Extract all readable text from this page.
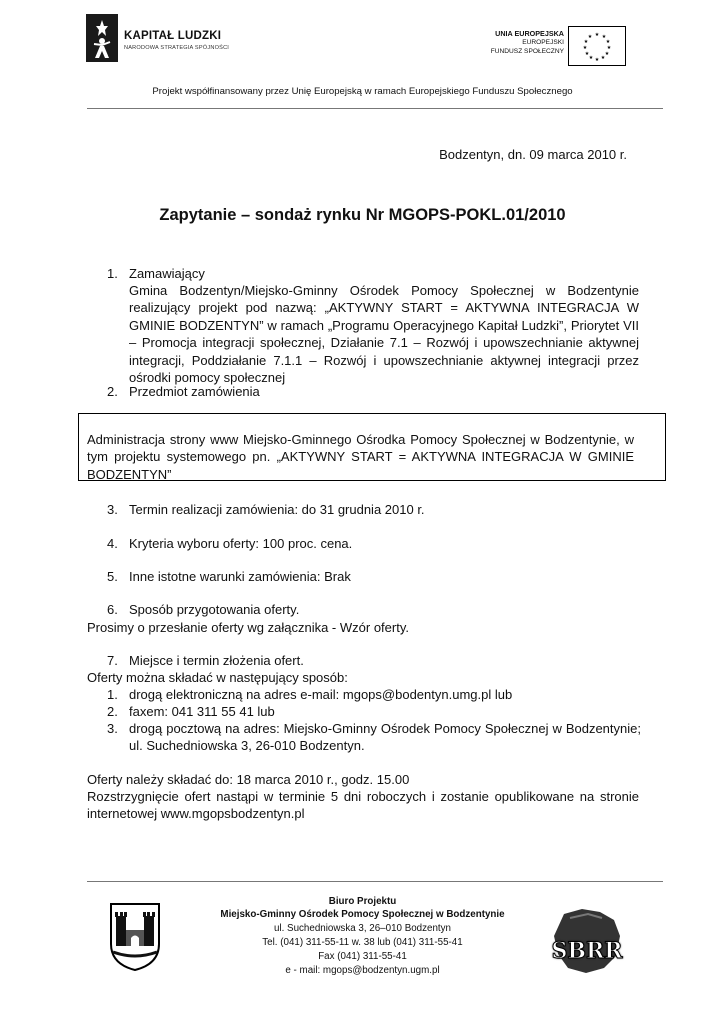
KAPITAŁ LUDZKI
NARODOWA STRATEGIA SPÓJNOŚCI
UNIA EUROPEJSKA
EUROPEJSKI
FUNDUSZ SPOŁECZNY
★ ★
★
★
★
★
★
★
★
★
★
★
Projekt współfinansowany przez Unię Europejską w ramach Europejskiego Funduszu Społecznego
Bodzentyn, dn. 09 marca 2010 r.
Zapytanie – sondaż rynku Nr MGOPS-POKL.01/2010
1. Zamawiający
Gmina Bodzentyn/Miejsko-Gminny Ośrodek Pomocy Społecznej w Bodzentynie realizujący projekt pod nazwą: „AKTYWNY START = AKTYWNA INTEGRACJA W GMINIE BODZENTYN” w ramach „Programu Operacyjnego Kapitał Ludzki”, Priorytet VII – Promocja integracji społecznej, Działanie 7.1 – Rozwój i upowszechnianie aktywnej integracji, Poddziałanie 7.1.1 – Rozwój i upowszechnianie aktywnej integracji przez ośrodki pomocy społecznej
2. Przedmiot zamówienia
Administracja strony www Miejsko-Gminnego Ośrodka Pomocy Społecznej w Bodzentynie, w tym projektu systemowego pn. „AKTYWNY START = AKTYWNA INTEGRACJA W GMINIE BODZENTYN”
3. Termin realizacji zamówienia: do 31 grudnia 2010 r.
4. Kryteria wyboru oferty: 100 proc. cena.
5. Inne istotne warunki zamówienia: Brak
6. Sposób przygotowania oferty.
Prosimy o przesłanie oferty wg załącznika - Wzór oferty.
7. Miejsce i termin złożenia ofert.
Oferty można składać w następujący sposób:
1. drogą elektroniczną na adres e-mail: mgops@bodentyn.umg.pl lub
2. faxem: 041 311 55 41 lub
3. drogą pocztową na adres: Miejsko-Gminny Ośrodek Pomocy Społecznej w Bodzentynie;
ul. Suchedniowska 3, 26-010 Bodzentyn.
Oferty należy składać do: 18 marca 2010 r., godz. 15.00
Rozstrzygnięcie ofert nastąpi w terminie 5 dni roboczych i zostanie opublikowane na stronie internetowej www.mgopsbodzentyn.pl
Biuro Projektu
Miejsko-Gminny Ośrodek Pomocy Społecznej w Bodzentynie
ul. Suchedniowska 3, 26–010 Bodzentyn
Tel. (041) 311-55-11 w. 38 lub (041) 311-55-41
Fax (041) 311-55-41
e - mail: mgops@bodzentyn.ugm.pl
SBRR
